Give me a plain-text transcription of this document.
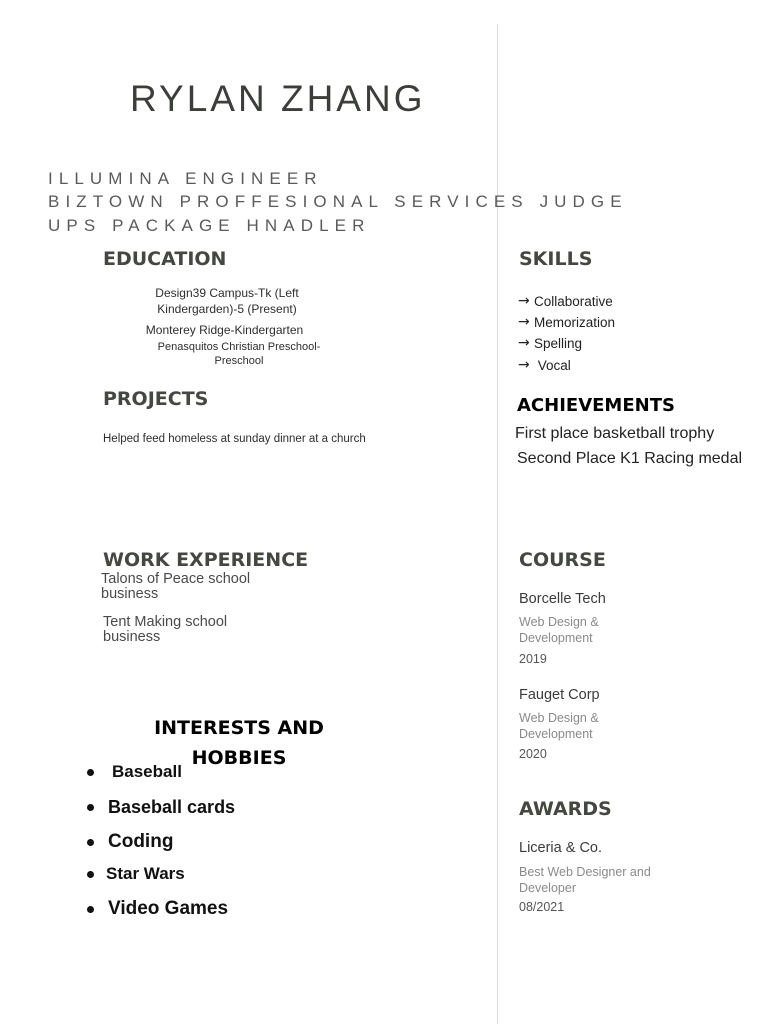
RYLAN ZHANG
ILLUMINA ENGINEER
BIZTOWN PROFFESIONAL SERVICES JUDGE
UPS PACKAGE HNADLER
EDUCATION
Design39 Campus-Tk (Left
Kindergarden)-5 (Present)
Monterey Ridge-Kindergarten
Penasquitos Christian Preschool-
Preschool
PROJECTS
Helped feed homeless at sunday dinner at a church
WORK EXPERIENCE
Talons of Peace school
business
Tent Making school
business
INTERESTS AND
HOBBIES
Baseball
Baseball cards
Coding
Star Wars
Video Games
SKILLS
→ Collaborative
→ Memorization
→ Spelling
→ Vocal
ACHIEVEMENTS
First place basketball trophy
Second Place K1 Racing medal
COURSE
Borcelle Tech
Web Design &
Development
2019
Fauget Corp
Web Design &
Development
2020
AWARDS
Liceria & Co.
Best Web Designer and
Developer
08/2021
